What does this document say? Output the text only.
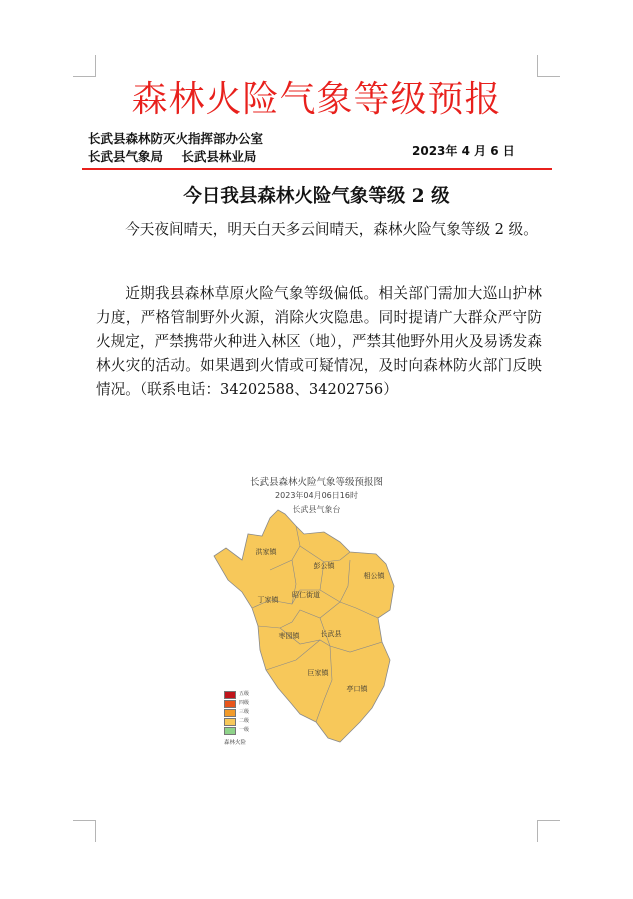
森林火险气象等级预报
长武县森林防灭火指挥部办公室
长武县气象局 长武县林业局	2023年 4 月 6 日
今日我县森林火险气象等级 2 级

今天夜间晴天，明天白天多云间晴天，森林火险气象等级 2 级。

近期我县森林草原火险气象等级偏低。相关部门需加大巡山护林力度，严格管制野外火源，消除火灾隐患。同时提请广大群众严守防火规定，严禁携带火种进入林区（地），严禁其他野外用火及易诱发森林火灾的活动。如果遇到火情或可疑情况，及时向森林防火部门反映情况。（联系电话：34202588、34202756）

长武县森林火险气象等级预报图
2023年04月06日16时
长武县气象台
洪家镇
彭公镇
相公镇
丁家镇
昭仁街道
枣园镇	长武县
巨家镇
亭口镇
五级
四级
三级
二级
一级
森林火险
